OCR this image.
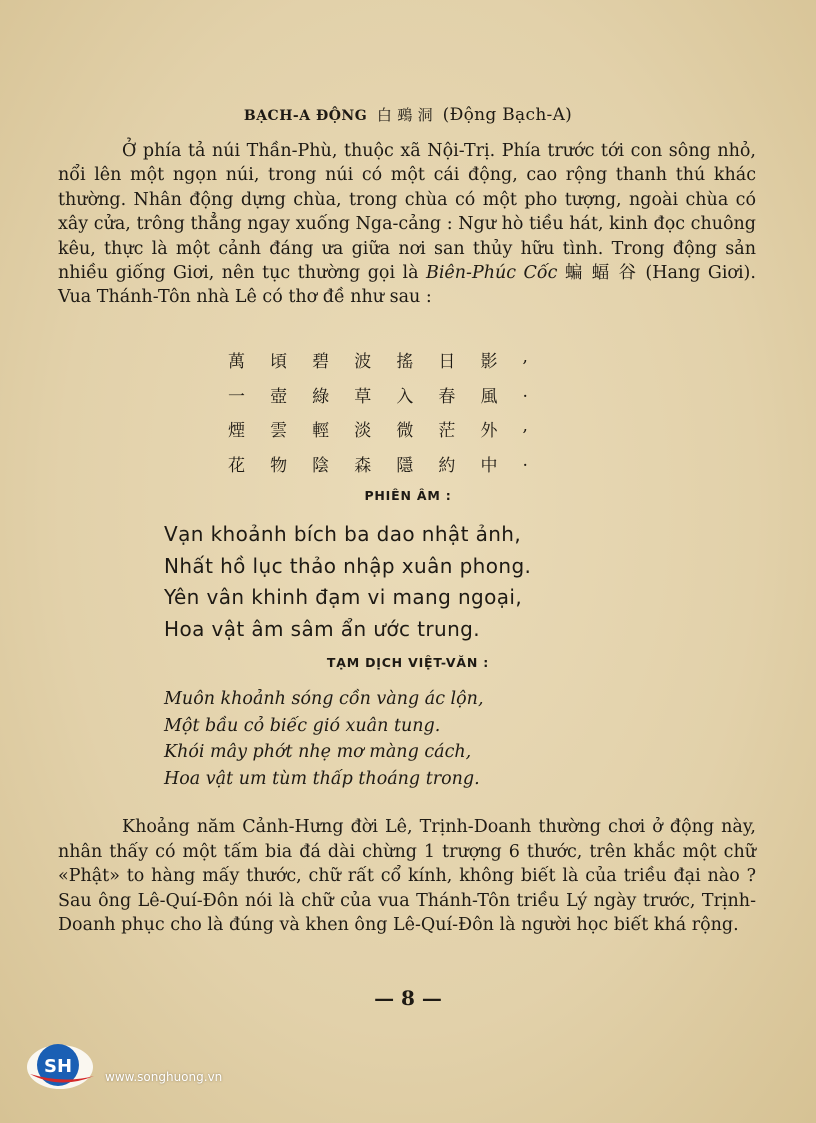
BẠCH-A ĐỘNG 白 鵐 洞 (Động Bạch-A)
Ở phía tả núi Thần-Phù, thuộc xã Nội-Trị. Phía trước tới con sông nhỏ, nổi lên một ngọn núi, trong núi có một cái động, cao rộng thanh thú khác thường. Nhân động dựng chùa, trong chùa có một pho tượng, ngoài chùa có xây cửa, trông thẳng ngay xuống Nga-cảng : Ngư hò tiều hát, kinh đọc chuông kêu, thực là một cảnh đáng ưa giữa nơi san thủy hữu tình. Trong động sản nhiều giống Giơi, nên tục thường gọi là Biên-Phúc Cốc 蝙 蝠 谷 (Hang Giơi). Vua Thánh-Tôn nhà Lê có thơ đề như sau :
萬 頃 碧 波 搖 日 影 ,
一 壺 綠 草 入 春 風 .
煙 雲 輕 淡 微 茫 外 ,
花 物 陰 森 隱 約 中 .
PHIÊN ÂM :
Vạn khoảnh bích ba dao nhật ảnh,
Nhất hồ lục thảo nhập xuân phong.
Yên vân khinh đạm vi mang ngoại,
Hoa vật âm sâm ẩn ước trung.
TẠM DỊCH VIỆT-VĂN :
Muôn khoảnh sóng cồn vàng ác lộn,
Một bầu cỏ biếc gió xuân tung.
Khói mây phớt nhẹ mơ màng cách,
Hoa vật um tùm thấp thoáng trong.
Khoảng năm Cảnh-Hưng đời Lê, Trịnh-Doanh thường chơi ở động này, nhân thấy có một tấm bia đá dài chừng 1 trượng 6 thước, trên khắc một chữ «Phật» to hàng mấy thước, chữ rất cổ kính, không biết là của triều đại nào ? Sau ông Lê-Quí-Đôn nói là chữ của vua Thánh-Tôn triều Lý ngày trước, Trịnh-Doanh phục cho là đúng và khen ông Lê-Quí-Đôn là người học biết khá rộng.
— 8 —
SH	www.songhuong.vn
